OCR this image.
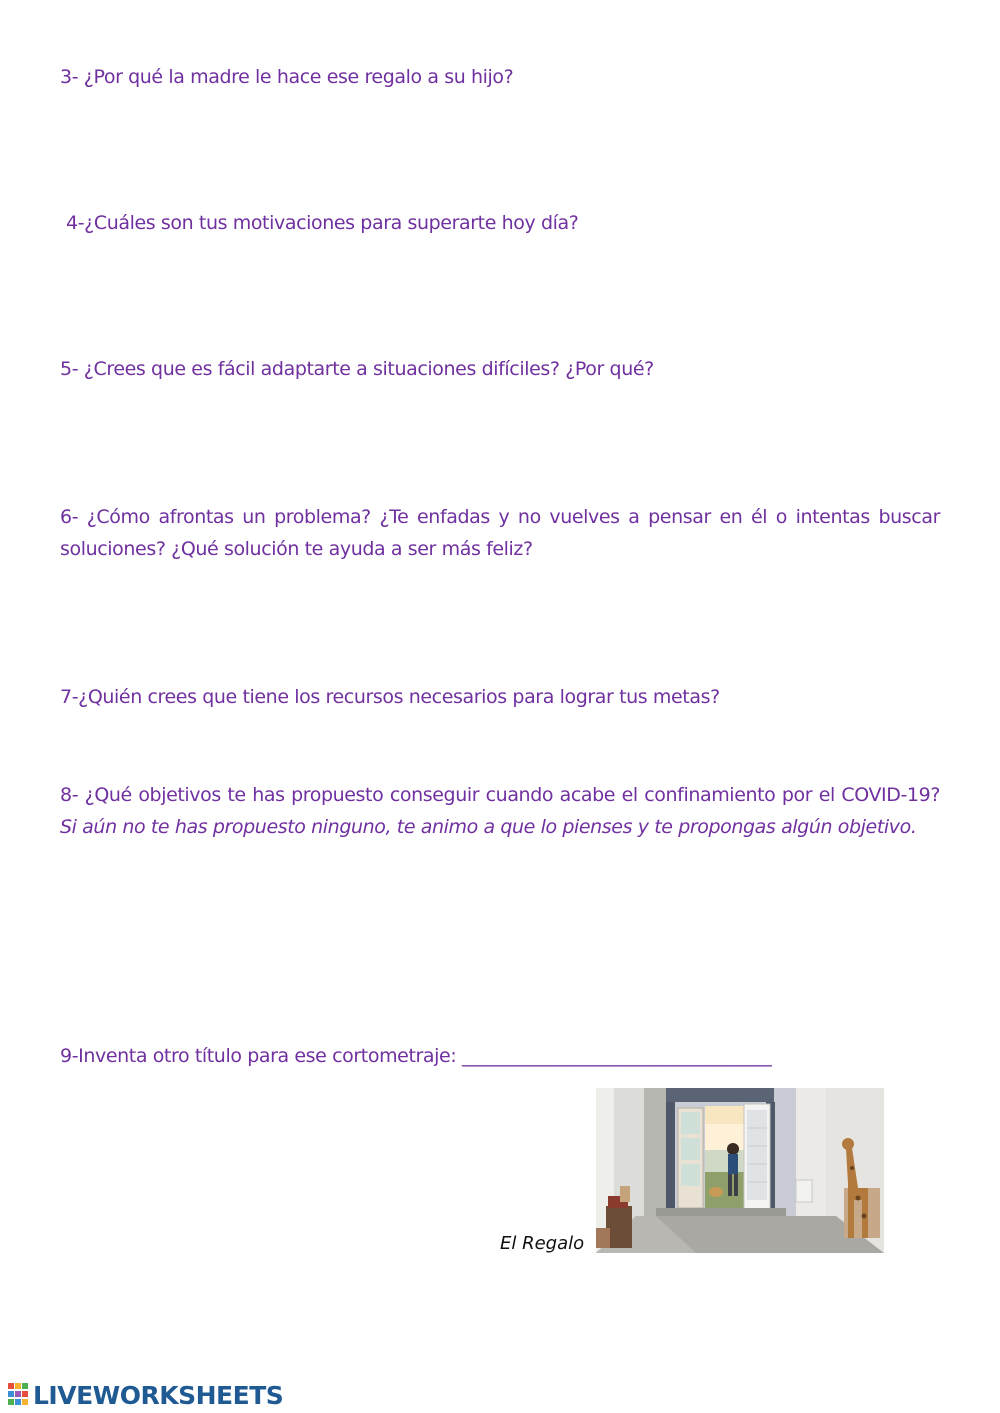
3- ¿Por qué la madre le hace ese regalo a su hijo?
4-¿Cuáles son tus motivaciones para superarte hoy día?
5- ¿Crees que es fácil adaptarte a situaciones difíciles? ¿Por qué?
6- ¿Cómo afrontas un problema? ¿Te enfadas y no vuelves a pensar en él o intentas buscar soluciones? ¿Qué solución te ayuda a ser más feliz?
7-¿Quién crees que tiene los recursos necesarios para lograr tus metas?
8- ¿Qué objetivos te has propuesto conseguir cuando acabe el confinamiento por el COVID-19? Si aún no te has propuesto ninguno, te animo a que lo pienses y te propongas algún objetivo.
9-Inventa otro título para ese cortometraje: __________________________________
El Regalo
LIVEWORKSHEETS
